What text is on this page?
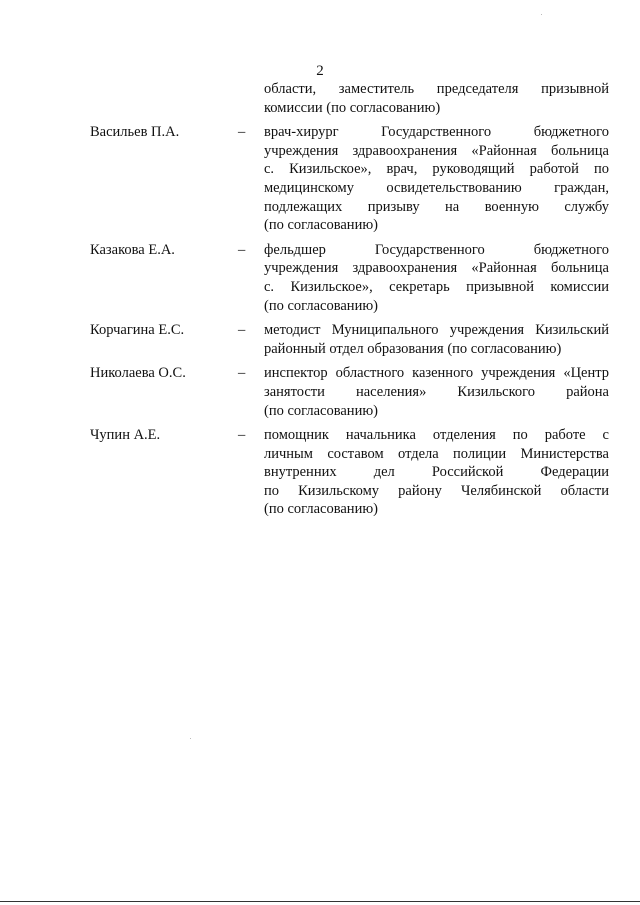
2
области, заместитель председателя призывной
комиссии (по согласованию)
Васильев П.А.	– врач-хирург Государственного бюджетного
учреждения здравоохранения «Районная больница
с. Кизильское», врач, руководящий работой по
медицинскому освидетельствованию граждан,
подлежащих призыву на военную службу
(по согласованию)
Казакова Е.А.	– фельдшер Государственного бюджетного
учреждения здравоохранения «Районная больница
с. Кизильское», секретарь призывной комиссии
(по согласованию)
Корчагина Е.С.	– методист Муниципального учреждения Кизильский
районный отдел образования (по согласованию)
Николаева О.С.	– инспектор областного казенного учреждения «Центр
занятости населения» Кизильского района
(по согласованию)
Чупин А.Е.	– помощник начальника отделения по работе с
личным составом отдела полиции Министерства
внутренних дел Российской Федерации
по Кизильскому району Челябинской области
(по согласованию)
